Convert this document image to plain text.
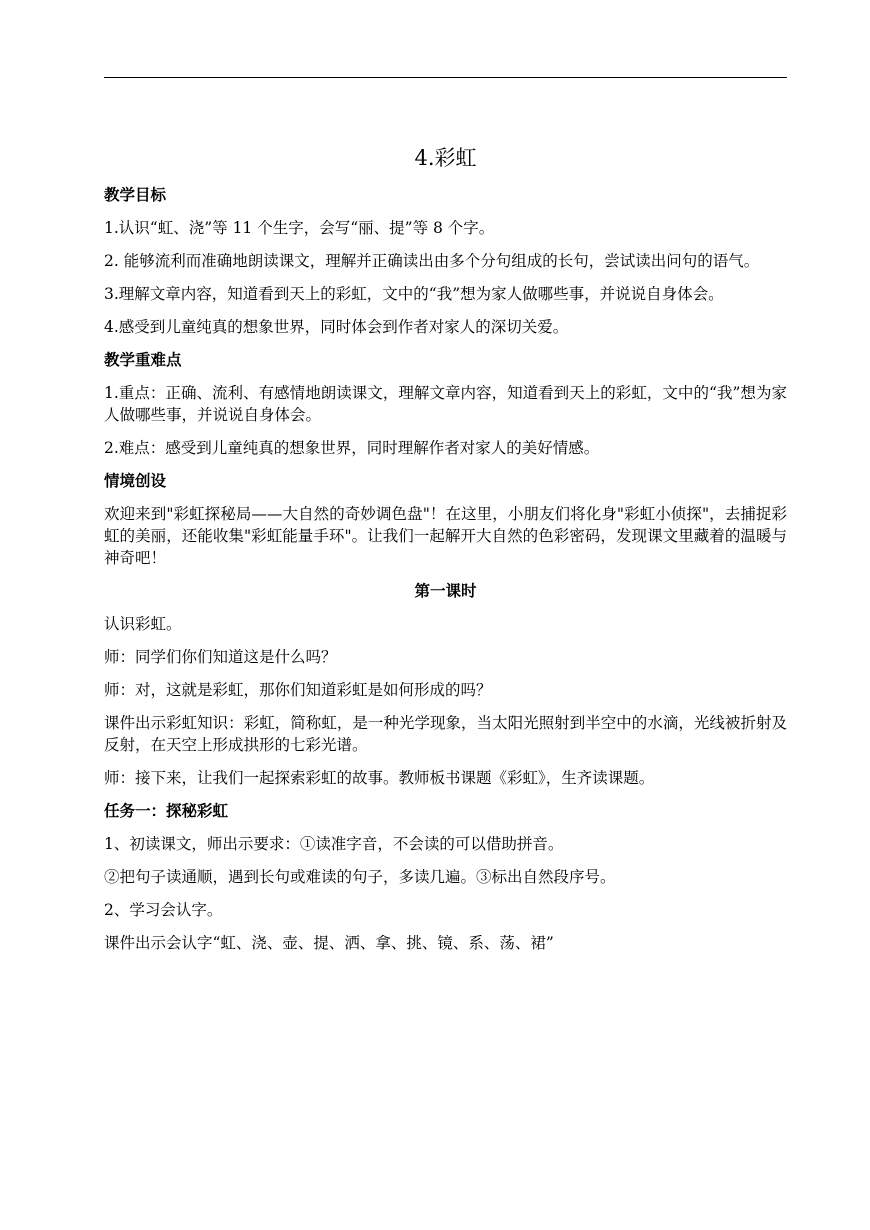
4.彩虹
教学目标
1.认识“虹、浇”等 11 个生字，会写“丽、提”等 8 个字。
2. 能够流利而准确地朗读课文，理解并正确读出由多个分句组成的长句，尝试读出问句的语气。
3.理解文章内容，知道看到天上的彩虹，文中的“我”想为家人做哪些事，并说说自身体会。
4.感受到儿童纯真的想象世界，同时体会到作者对家人的深切关爱。
教学重难点
1.重点：正确、流利、有感情地朗读课文，理解文章内容，知道看到天上的彩虹，文中的“我”想为家人做哪些事，并说说自身体会。
2.难点：感受到儿童纯真的想象世界，同时理解作者对家人的美好情感。
情境创设
欢迎来到"彩虹探秘局——大自然的奇妙调色盘"！在这里，小朋友们将化身"彩虹小侦探"，去捕捉彩虹的美丽，还能收集"彩虹能量手环"。让我们一起解开大自然的色彩密码，发现课文里藏着的温暖与神奇吧！
第一课时
认识彩虹。
师：同学们你们知道这是什么吗？
师：对，这就是彩虹，那你们知道彩虹是如何形成的吗？
课件出示彩虹知识：彩虹，简称虹，是一种光学现象，当太阳光照射到半空中的水滴，光线被折射及反射，在天空上形成拱形的七彩光谱。
师：接下来，让我们一起探索彩虹的故事。教师板书课题《彩虹》，生齐读课题。
任务一：探秘彩虹
1、初读课文，师出示要求：①读准字音，不会读的可以借助拼音。
②把句子读通顺，遇到长句或难读的句子，多读几遍。③标出自然段序号。
2、学习会认字。
课件出示会认字“虹、浇、壶、提、洒、拿、挑、镜、系、荡、裙”
